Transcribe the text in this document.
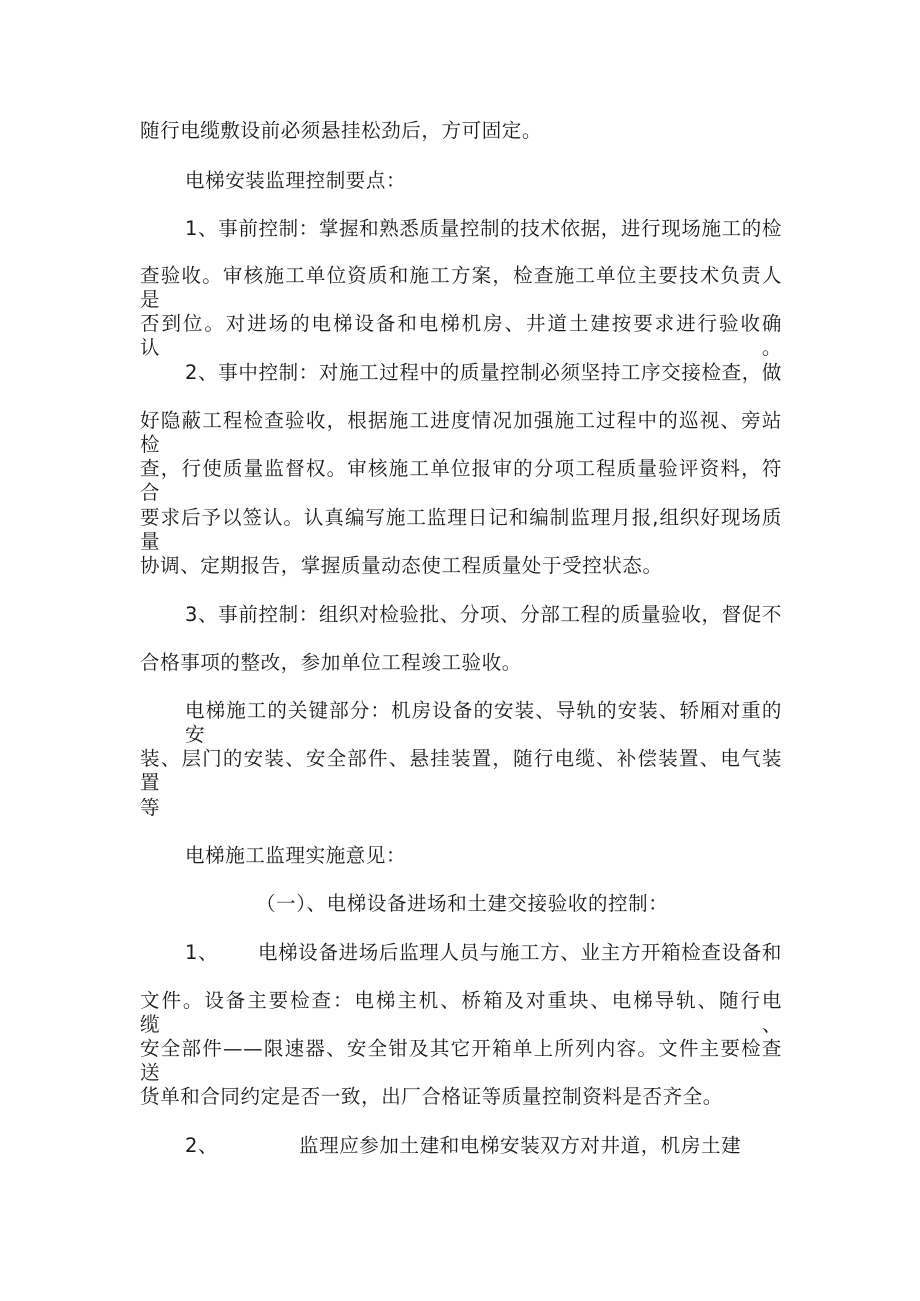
随行电缆敷设前必须悬挂松劲后，方可固定。
电梯安装监理控制要点：
1、事前控制：掌握和熟悉质量控制的技术依据，进行现场施工的检
查验收。审核施工单位资质和施工方案，检查施工单位主要技术负责人是
否到位。对进场的电梯设备和电梯机房、井道土建按要求进行验收确认。
2、事中控制：对施工过程中的质量控制必须坚持工序交接检查，做
好隐蔽工程检查验收，根据施工进度情况加强施工过程中的巡视、旁站检
查，行使质量监督权。审核施工单位报审的分项工程质量验评资料，符合
要求后予以签认。认真编写施工监理日记和编制监理月报,组织好现场质量
协调、定期报告，掌握质量动态使工程质量处于受控状态。
3、事前控制：组织对检验批、分项、分部工程的质量验收，督促不
合格事项的整改，参加单位工程竣工验收。
电梯施工的关键部分：机房设备的安装、导轨的安装、轿厢对重的安
装、层门的安装、安全部件、悬挂装置，随行电缆、补偿装置、电气装置
等
电梯施工监理实施意见：
（一）、电梯设备进场和土建交接验收的控制：
1、 电梯设备进场后监理人员与施工方、业主方开箱检查设备和
文件。设备主要检查：电梯主机、桥箱及对重块、电梯导轨、随行电缆、
安全部件——限速器、安全钳及其它开箱单上所列内容。文件主要检查送
货单和合同约定是否一致，出厂合格证等质量控制资料是否齐全。
2、	监理应参加土建和电梯安装双方对井道，机房土建
